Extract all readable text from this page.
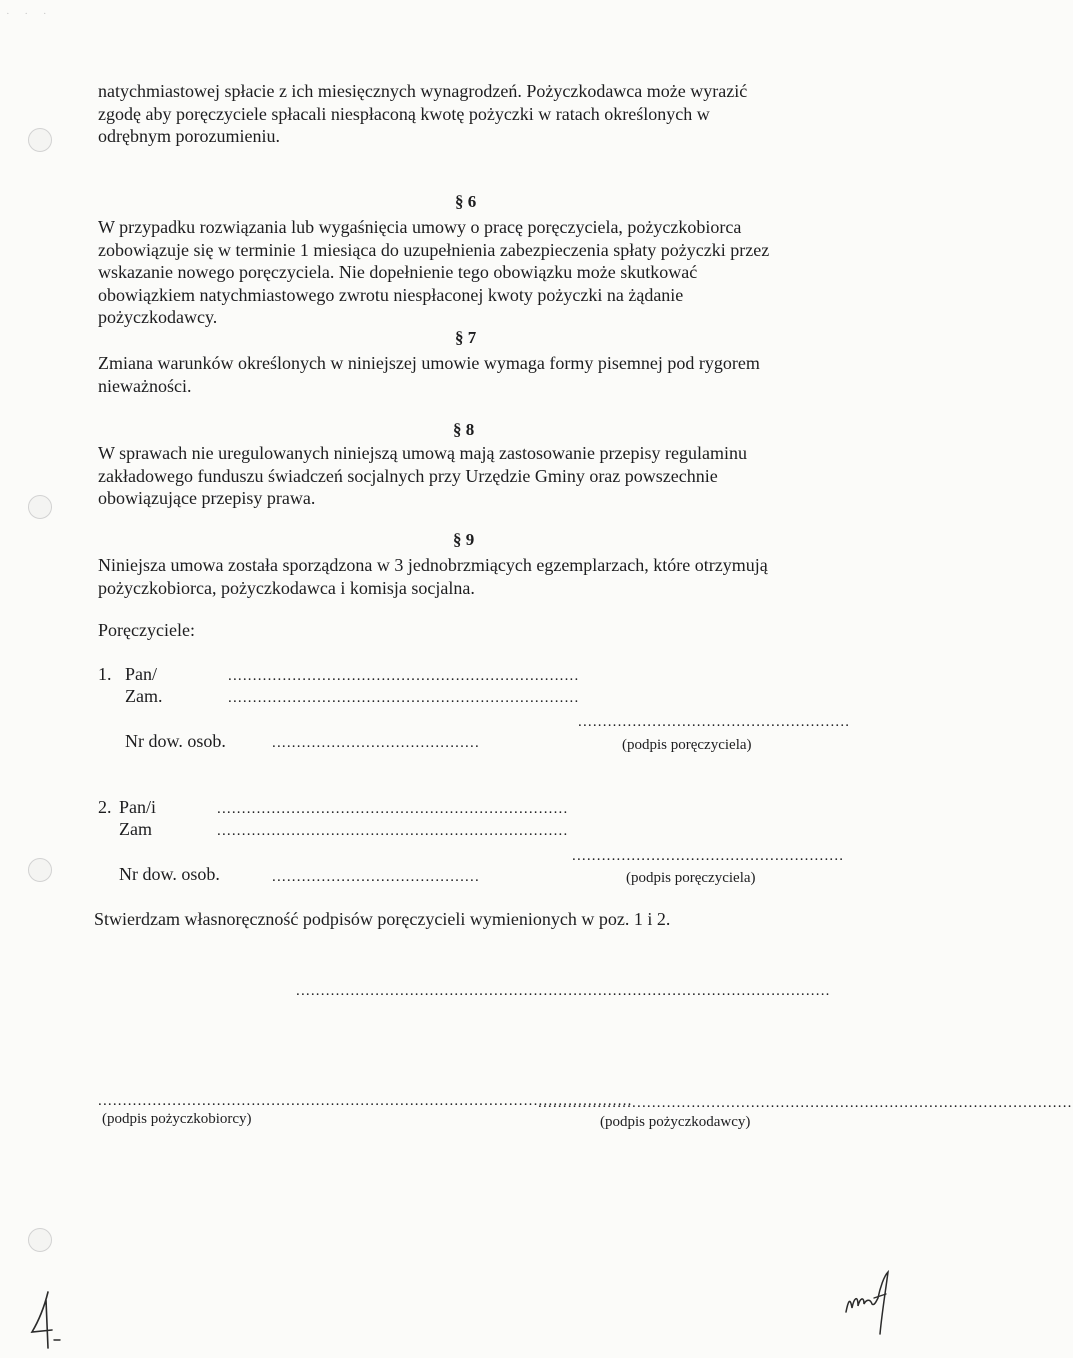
· · ·

natychmiastowej spłacie z ich miesięcznych wynagrodzeń. Pożyczkodawca może wyrazić
zgodę aby poręczyciele spłacali niespłaconą kwotę pożyczki w ratach określonych w
odrębnym porozumieniu.

§ 6

W przypadku rozwiązania lub wygaśnięcia umowy o pracę poręczyciela, pożyczkobiorca
zobowiązuje się w terminie 1 miesiąca do uzupełnienia zabezpieczenia spłaty pożyczki przez
wskazanie nowego poręczyciela. Nie dopełnienie tego obowiązku może skutkować
obowiązkiem natychmiastowego zwrotu niespłaconej kwoty pożyczki na żądanie
pożyczkodawcy.

§ 7

Zmiana warunków określonych w niniejszej umowie wymaga formy pisemnej pod rygorem
nieważności.

§ 8

W sprawach nie uregulowanych niniejszą umową mają zastosowanie przepisy regulaminu
zakładowego funduszu świadczeń socjalnych przy Urzędzie Gminy oraz powszechnie
obowiązujące przepisy prawa.

§ 9

Niniejsza umowa została sporządzona w 3 jednobrzmiących egzemplarzach, które otrzymują
pożyczkobiorca, pożyczkodawca i komisja socjalna.

Poręczyciele:

1. Pan/	.......................................................................

Zam.	.......................................................................

.......................................................

Nr dow. osob.	..........................................	(podpis poręczyciela)

2. Pan/i	.......................................................................

Zam	.......................................................................

.......................................................

Nr dow. osob.	..........................................	(podpis poręczyciela)

Stwierdzam własnoręczność podpisów poręczycieli wymienionych w poz. 1 i 2.

............................................................................................................

............................................................................................................

............................................................................................................

(podpis pożyczkobiorcy)	(podpis pożyczkodawcy)
